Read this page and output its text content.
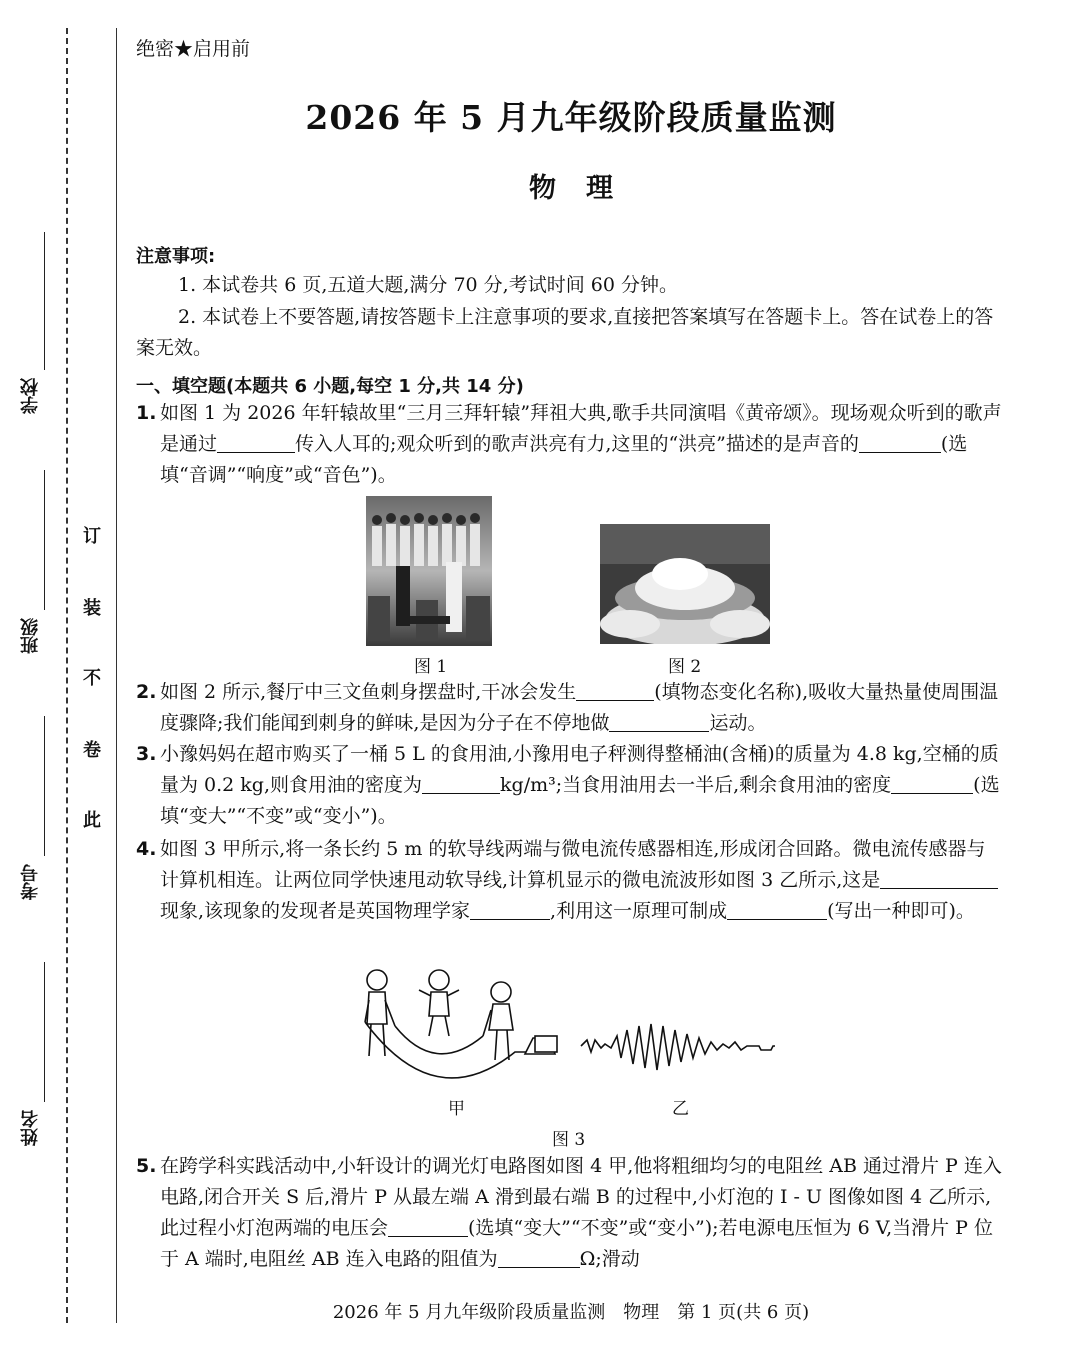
学校
班级
考号
姓名
此
卷
不
装
订
绝密★启用前
2026 年 5 月九年级阶段质量监测
物理
注意事项:
1. 本试卷共 6 页,五道大题,满分 70 分,考试时间 60 分钟。
2. 本试卷上不要答题,请按答题卡上注意事项的要求,直接把答案填写在答题卡上。答在试卷上的答案无效。
一、填空题(本题共 6 小题,每空 1 分,共 14 分)
1. 如图 1 为 2026 年轩辕故里“三月三拜轩辕”拜祖大典,歌手共同演唱《黄帝颂》。现场观众听到的歌声是通过	传入人耳的;观众听到的歌声洪亮有力,这里的“洪亮”描述的是声音的	(选填“音调”“响度”或“音色”)。
图 1	图 2
2. 如图 2 所示,餐厅中三文鱼刺身摆盘时,干冰会发生	(填物态变化名称),吸收大量热量使周围温度骤降;我们能闻到刺身的鲜味,是因为分子在不停地做	运动。
3. 小豫妈妈在超市购买了一桶 5 L 的食用油,小豫用电子秤测得整桶油(含桶)的质量为 4.8 kg,空桶的质量为 0.2 kg,则食用油的密度为	kg/m³;当食用油用去一半后,剩余食用油的密度	(选填“变大”“不变”或“变小”)。
4. 如图 3 甲所示,将一条长约 5 m 的软导线两端与微电流传感器相连,形成闭合回路。微电流传感器与计算机相连。让两位同学快速甩动软导线,计算机显示的微电流波形如图 3 乙所示,这是现象,该现象的发现者是英国物理学家	,利用这一原理可制成	(写出一种即可)。
甲	乙
图 3
5. 在跨学科实践活动中,小轩设计的调光灯电路图如图 4 甲,他将粗细均匀的电阻丝 AB 通过滑片 P 连入电路,闭合开关 S 后,滑片 P 从最左端 A 滑到最右端 B 的过程中,小灯泡的 I - U 图像如图 4 乙所示,此过程小灯泡两端的电压会	(选填“变大”“不变”或“变小”);若电源电压恒为 6 V,当滑片 P 位于 A 端时,电阻丝 AB 连入电路的阻值为	Ω;滑动
2026 年 5 月九年级阶段质量监测　物理　第 1 页(共 6 页)
